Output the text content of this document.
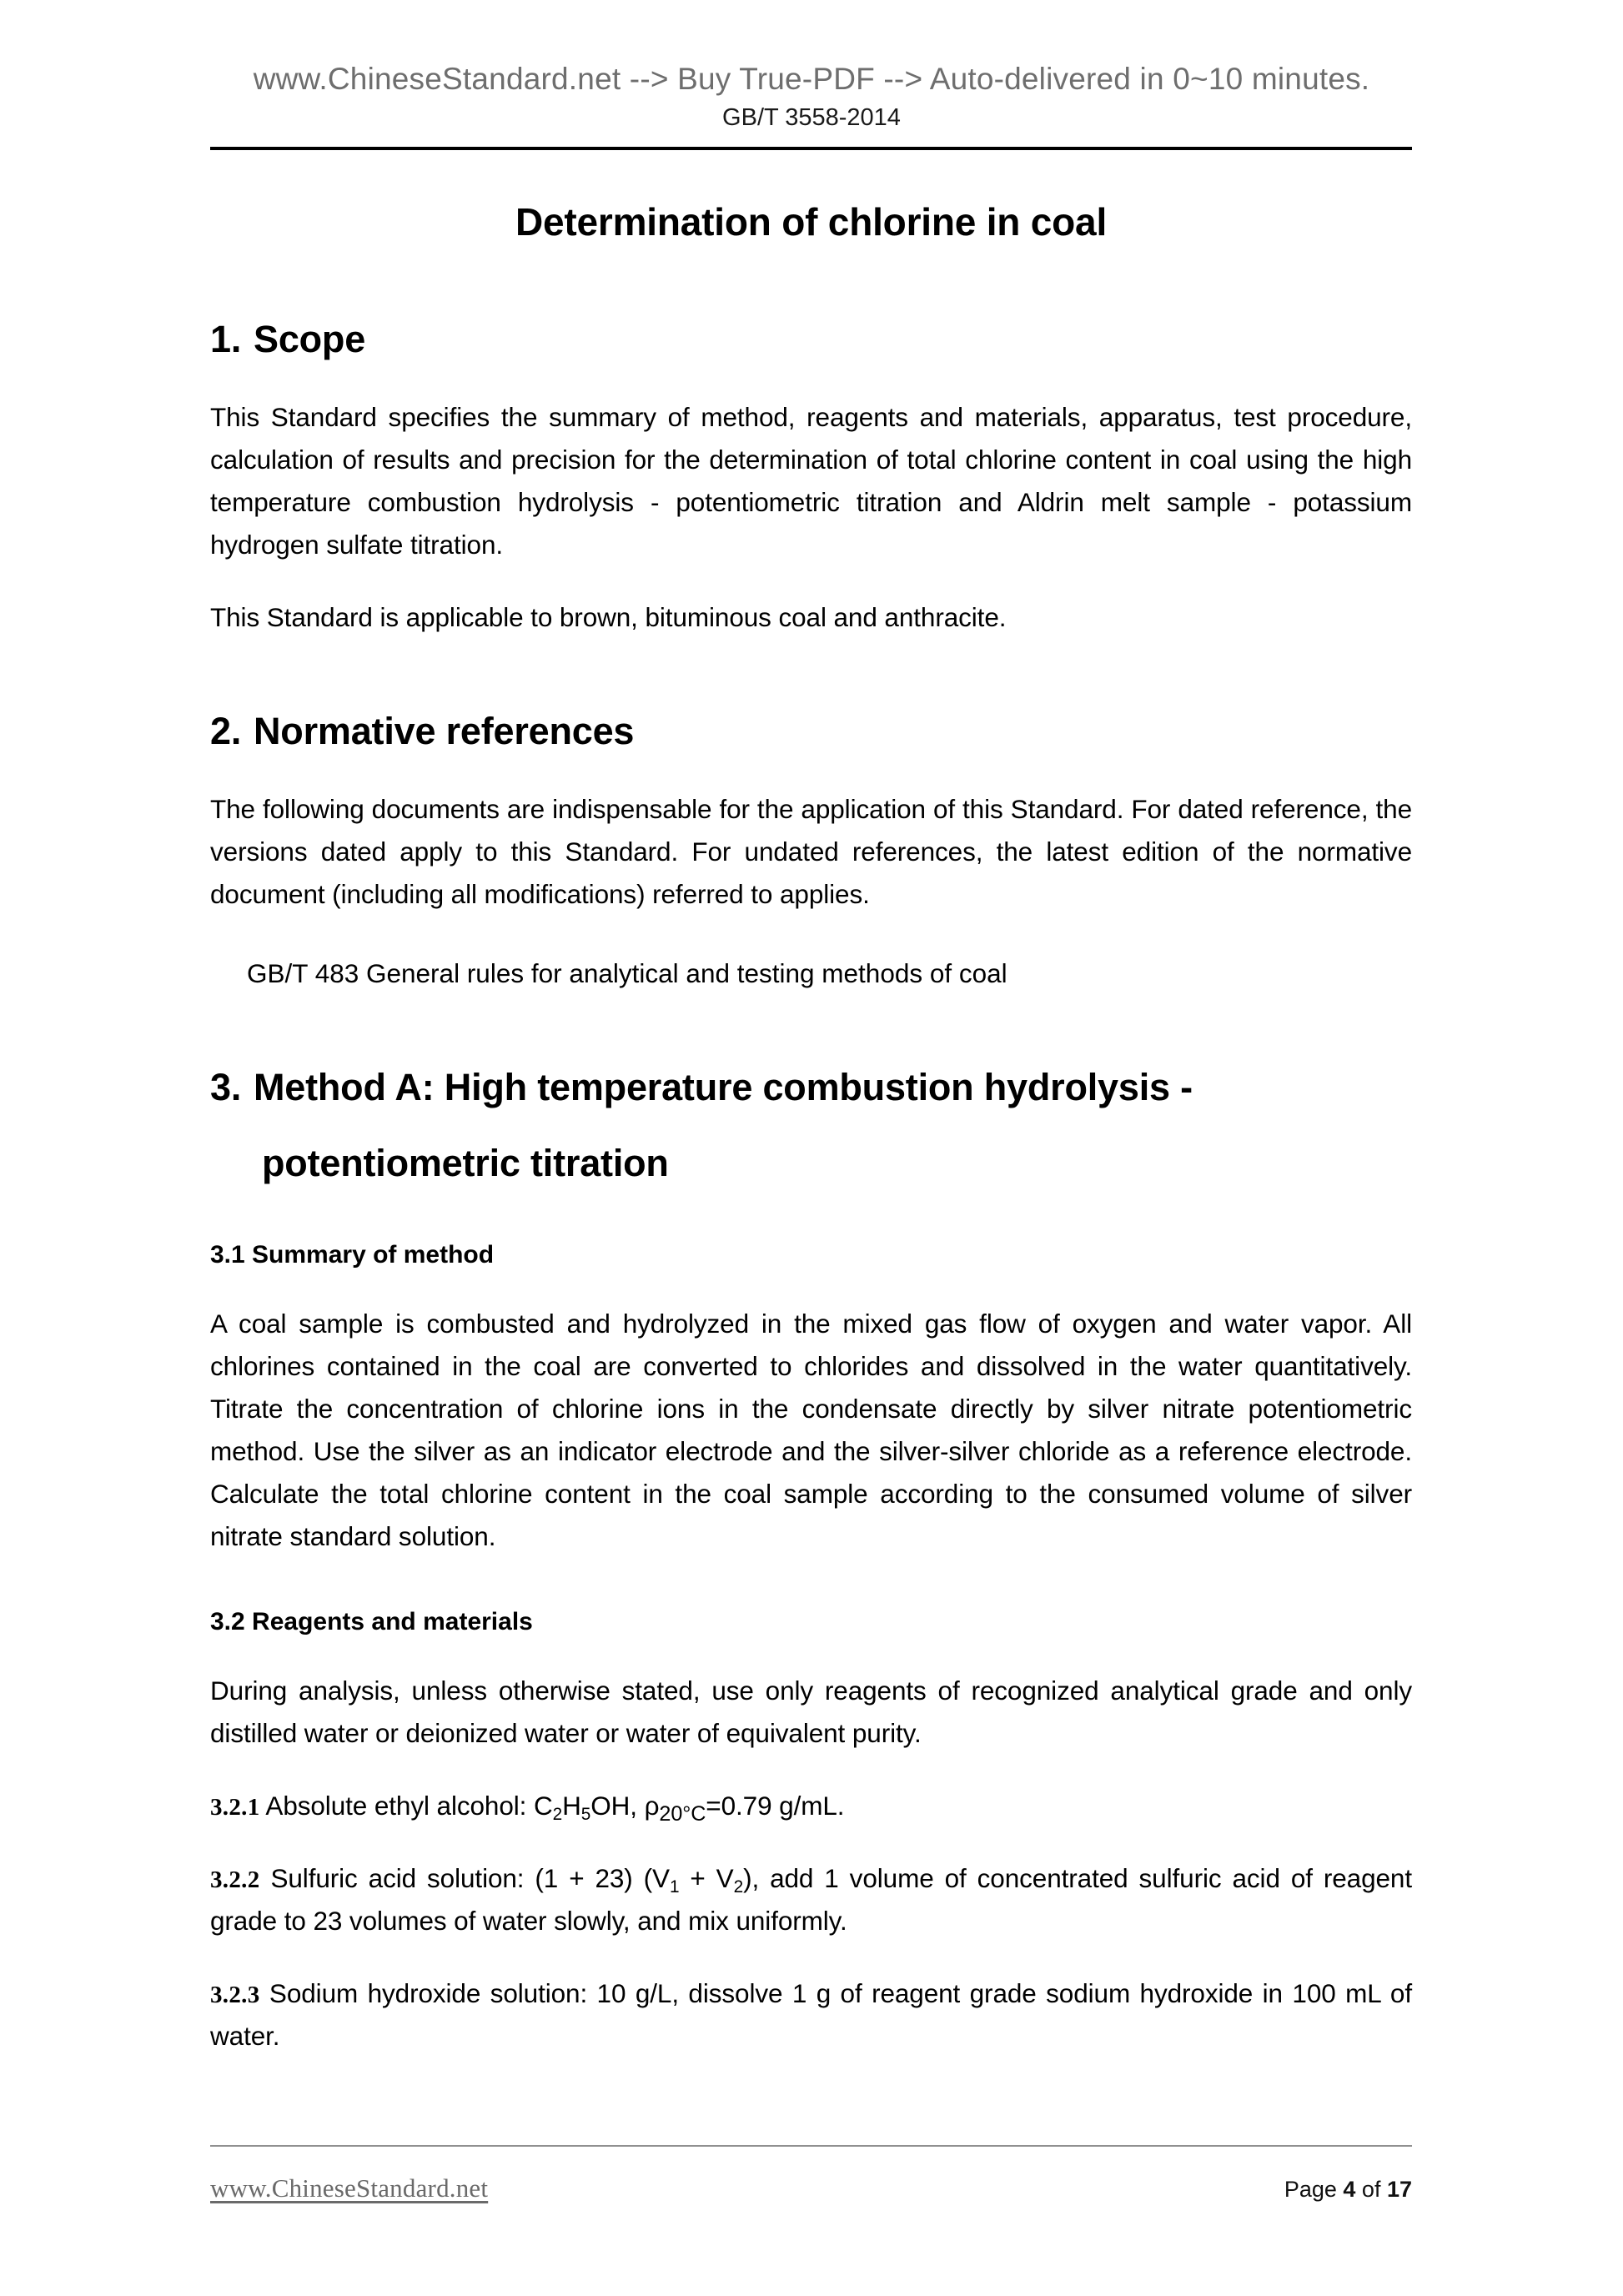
www.ChineseStandard.net --> Buy True-PDF --> Auto-delivered in 0~10 minutes.
GB/T 3558-2014
Determination of chlorine in coal
1. Scope

This Standard specifies the summary of method, reagents and materials, apparatus, test procedure, calculation of results and precision for the determination of total chlorine content in coal using the high temperature combustion hydrolysis - potentiometric titration and Aldrin melt sample - potassium hydrogen sulfate titration.

This Standard is applicable to brown, bituminous coal and anthracite.

2. Normative references

The following documents are indispensable for the application of this Standard. For dated reference, the versions dated apply to this Standard. For undated references, the latest edition of the normative document (including all modifications) referred to applies.

GB/T 483 General rules for analytical and testing methods of coal

3. Method A: High temperature combustion hydrolysis -
potentiometric titration
3.1 Summary of method

A coal sample is combusted and hydrolyzed in the mixed gas flow of oxygen and water vapor. All chlorines contained in the coal are converted to chlorides and dissolved in the water quantitatively. Titrate the concentration of chlorine ions in the condensate directly by silver nitrate potentiometric method. Use the silver as an indicator electrode and the silver-silver chloride as a reference electrode. Calculate the total chlorine content in the coal sample according to the consumed volume of silver nitrate standard solution.

3.2 Reagents and materials

During analysis, unless otherwise stated, use only reagents of recognized analytical grade and only distilled water or deionized water or water of equivalent purity.

3.2.1 Absolute ethyl alcohol: $C_2H_5OH$, $\rho_{20^\circ C}=0.79$ g/mL.

3.2.2 Sulfuric acid solution: (1 + 23) $(V_1 + V_2)$, add 1 volume of concentrated sulfuric acid of reagent grade to 23 volumes of water slowly, and mix uniformly.

3.2.3 Sodium hydroxide solution: 10 g/L, dissolve 1 g of reagent grade sodium hydroxide in 100 mL of water.

www.ChineseStandard.net	Page 4 of 17
